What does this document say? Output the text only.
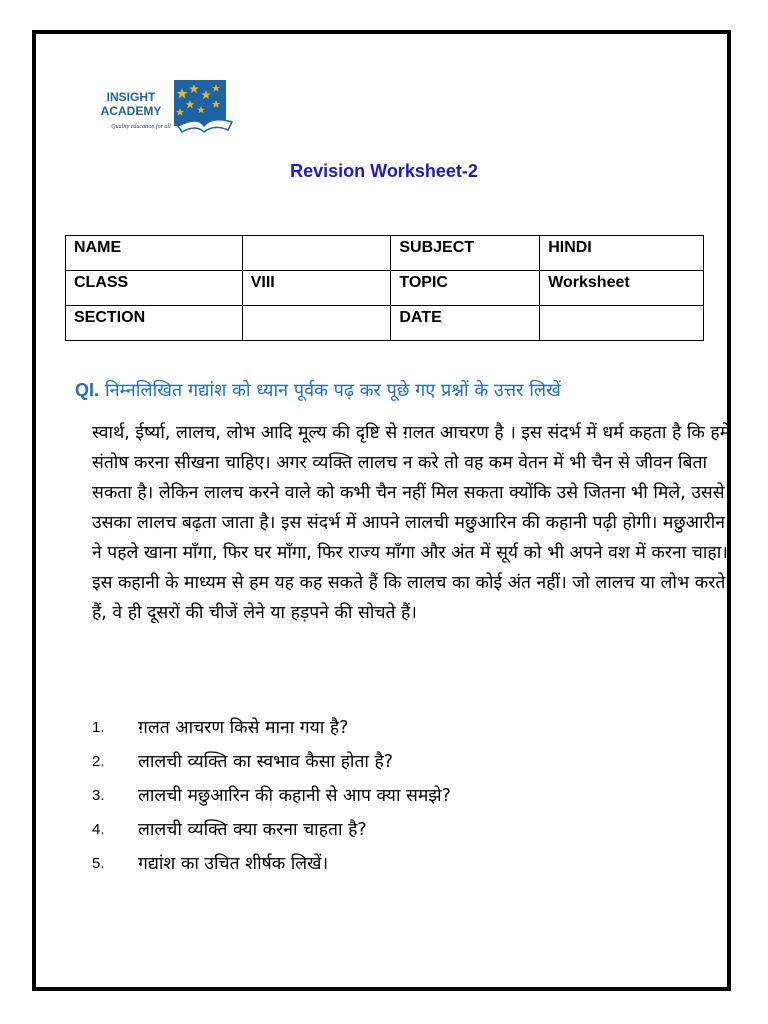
INSIGHT
ACADEMY
Quality education for all
Revision Worksheet-2
NAME		SUBJECT	HINDI
CLASS	VIII	TOPIC	Worksheet
SECTION		DATE	
QI. निम्नलिखित गद्यांश को ध्यान पूर्वक पढ़ कर पूछे गए प्रश्नों के उत्तर लिखें

स्वार्थ, ईर्ष्या, लालच, लोभ आदि मूल्य की दृष्टि से ग़लत आचरण है । इस संदर्भ में धर्म कहता है कि हमें संतोष करना सीखना चाहिए। अगर व्यक्ति लालच न करे तो वह कम वेतन में भी चैन से जीवन बिता सकता है। लेकिन लालच करने वाले को कभी चैन नहीं मिल सकता क्योंकि उसे जितना भी मिले, उससे उसका लालच बढ़ता जाता है। इस संदर्भ में आपने लालची मछुआरिन की कहानी पढ़ी होगी। मछुआरीन ने पहले खाना माँगा, फिर घर माँगा, फिर राज्य माँगा और अंत में सूर्य को भी अपने वश में करना चाहा। इस कहानी के माध्यम से हम यह कह सकते हैं कि लालच का कोई अंत नहीं। जो लालच या लोभ करते हैं, वे ही दूसरों की चीजें लेने या हड़पने की सोचते हैं।

1.	ग़लत आचरण किसे माना गया है?
2.	लालची व्यक्ति का स्वभाव कैसा होता है?
3.	लालची मछुआरिन की कहानी से आप क्या समझे?
4.	लालची व्यक्ति क्या करना चाहता है?
5.	गद्यांश का उचित शीर्षक लिखें।
